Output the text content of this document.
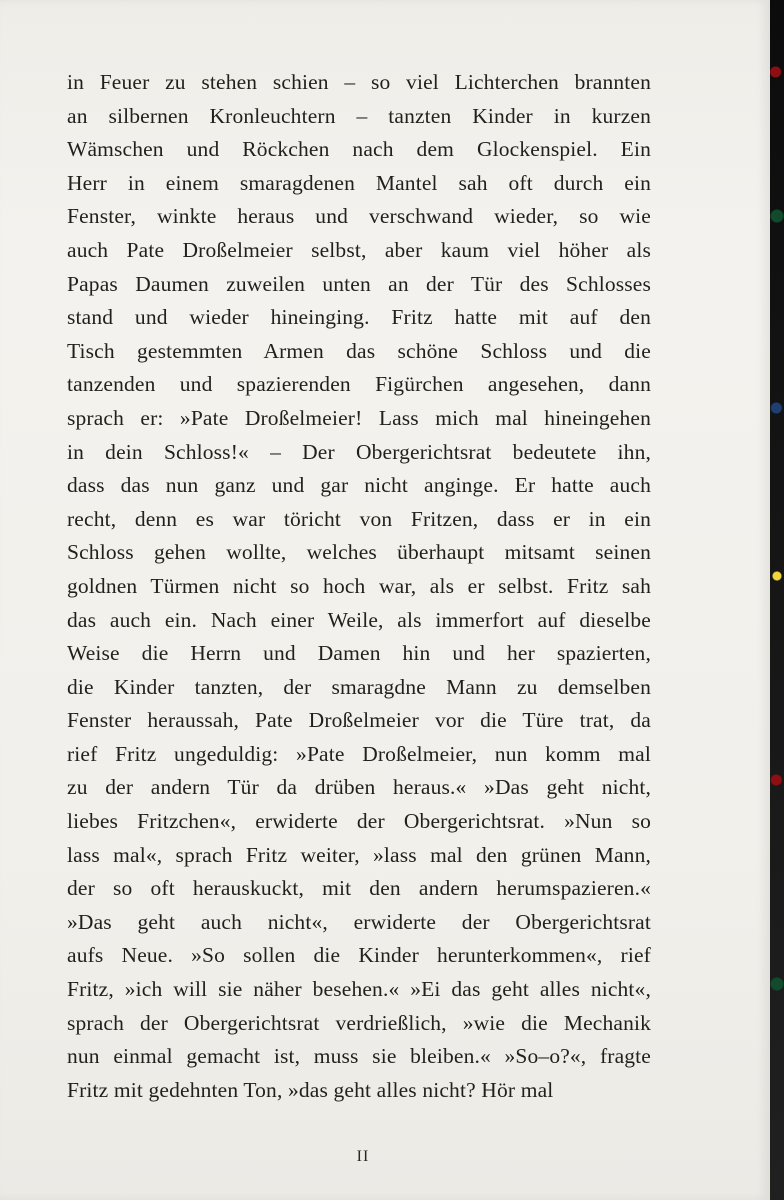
in Feuer zu stehen schien – so viel Lichterchen brannten
an silbernen Kronleuchtern – tanzten Kinder in kurzen
Wämschen und Röckchen nach dem Glockenspiel. Ein
Herr in einem smaragdenen Mantel sah oft durch ein
Fenster, winkte heraus und verschwand wieder, so wie
auch Pate Droßelmeier selbst, aber kaum viel höher als
Papas Daumen zuweilen unten an der Tür des Schlosses
stand und wieder hineinging. Fritz hatte mit auf den
Tisch gestemmten Armen das schöne Schloss und die
tanzenden und spazierenden Figürchen angesehen, dann
sprach er: »Pate Droßelmeier! Lass mich mal hineingehen
in dein Schloss!« – Der Obergerichtsrat bedeutete ihn,
dass das nun ganz und gar nicht anginge. Er hatte auch
recht, denn es war töricht von Fritzen, dass er in ein
Schloss gehen wollte, welches überhaupt mitsamt seinen
goldnen Türmen nicht so hoch war, als er selbst. Fritz sah
das auch ein. Nach einer Weile, als immerfort auf dieselbe
Weise die Herrn und Damen hin und her spazierten,
die Kinder tanzten, der smaragdne Mann zu demselben
Fenster heraussah, Pate Droßelmeier vor die Türe trat, da
rief Fritz ungeduldig: »Pate Droßelmeier, nun komm mal
zu der andern Tür da drüben heraus.« »Das geht nicht,
liebes Fritzchen«, erwiderte der Obergerichtsrat. »Nun so
lass mal«, sprach Fritz weiter, »lass mal den grünen Mann,
der so oft herauskuckt, mit den andern herumspazieren.«
»Das geht auch nicht«, erwiderte der Obergerichtsrat
aufs Neue. »So sollen die Kinder herunterkommen«, rief
Fritz, »ich will sie näher besehen.« »Ei das geht alles nicht«,
sprach der Obergerichtsrat verdrießlich, »wie die Mechanik
nun einmal gemacht ist, muss sie bleiben.« »So–o?«, fragte
Fritz mit gedehnten Ton, »das geht alles nicht? Hör mal
II
